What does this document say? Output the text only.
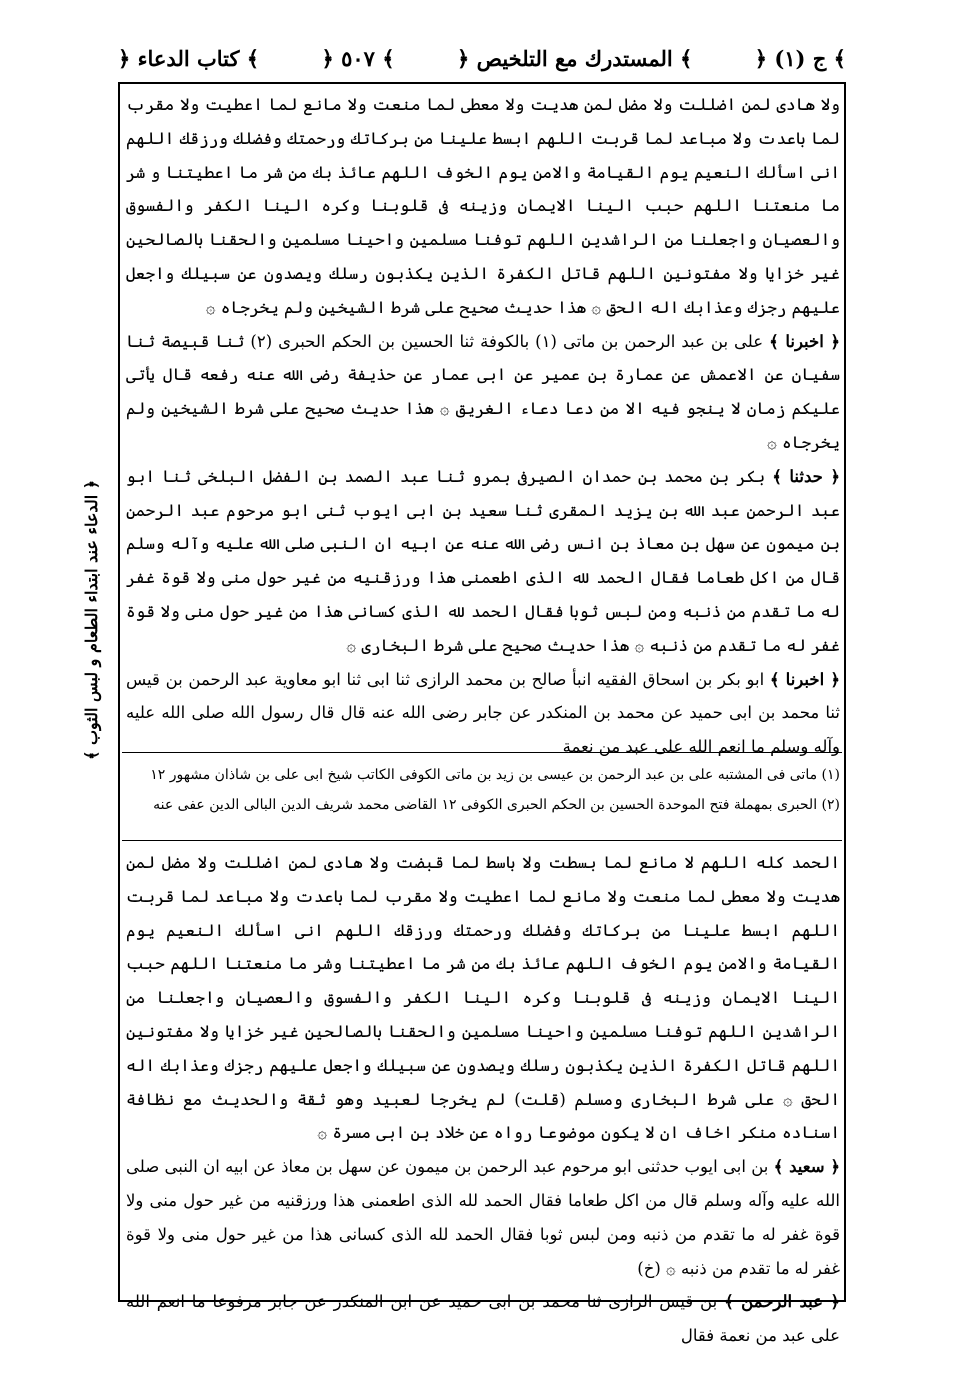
﴿ ج (١) ﴾
﴿ المستدرك مع التلخيص ﴾
﴿ ٥٠٧ ﴾
﴿ كتاب الدعاء ﴾
﴿ الدعاء عند ابتداء الطعام و لبس الثوب ﴾

ولا هادى لمن اضللت ولا مضل لمن هديت ولا معطى لما منعت ولا مانع لما اعطيت ولا مقرب لما باعدت ولا مباعد لما قربت اللهم ابسط علينا من بركاتك ورحمتك وفضلك ورزقك اللهم انى اسألك النعيم يوم القيامة والامن يوم الخوف اللهم عائذ بك من شر ما اعطيتنا و شر ما منعتنا اللهم حبب الينا الايمان وزينه فى قلوبنا وكره الينا الكفر والفسوق والعصيان واجعلنا من الراشدين اللهم توفنا مسلمين واحينا مسلمين والحقنا بالصالحين غير خزايا ولا مفتونين اللهم قاتل الكفرة الذين يكذبون رسلك ويصدون عن سبيلك واجعل عليهم رجزك وعذابك اله الحق ۞ هذا حديث صحيح على شرط الشيخين ولم يخرجاه ۞

﴿ اخبرنا ﴾ على بن عبد الرحمن بن ماتى (١) بالكوفة ثنا الحسين بن الحكم الحبرى (٢) ثنا قبيصة ثنا سفيان عن الاعمش عن عمارة بن عمير عن ابى عمار عن حذيفة رضى الله عنه رفعه قال يأتى عليكم زمان لا ينجو فيه الا من دعا دعاء الغريق ۞ هذا حديث صحيح على شرط الشيخين ولم يخرجاه ۞

﴿ حدثنا ﴾ بكر بن محمد بن حمدان الصيرفى بمرو ثنا عبد الصمد بن الفضل البلخى ثنا ابو عبد الرحمن عبد الله بن يزيد المقرى ثنا سعيد بن ابى ايوب ثنى ابو مرحوم عبد الرحمن بن ميمون عن سهل بن معاذ بن انس رضى الله عنه عن ابيه ان النبى صلى الله عليه وآله وسلم قال من اكل طعاما فقال الحمد لله الذى اطعمنى هذا ورزقنيه من غير حول منى ولا قوة غفر له ما تقدم من ذنبه ومن لبس ثوبا فقال الحمد لله الذى كسانى هذا من غير حول منى ولا قوة غفر له ما تقدم من ذنبه ۞ هذا حديث صحيح على شرط البخارى ۞

﴿ اخبرنا ﴾ ابو بكر بن اسحاق الفقيه انبأ صالح بن محمد الرازى ثنا ابى ثنا ابو معاوية عبد الرحمن بن قيس ثنا محمد بن ابى حميد عن محمد بن المنكدر عن جابر رضى الله عنه قال قال رسول الله صلى الله عليه وآله وسلم ما انعم الله على عبد من نعمة

(١) ماتى فى المشتبه على بن عبد الرحمن بن عيسى بن زيد بن ماتى الكوفى الكاتب شيخ ابى على بن شاذان مشهور ١٢
(٢) الحبرى بمهملة فتح الموحدة الحسين بن الحكم الحبرى الكوفى ١٢ القاضى محمد شريف الدين البالى الدين عفى عنه

الحمد كله اللهم لا مانع لما بسطت ولا باسط لما قبضت ولا هادى لمن اضللت ولا مضل لمن هديت ولا معطى لما منعت ولا مانع لما اعطيت ولا مقرب لما باعدت ولا مباعد لما قربت اللهم ابسط علينا من بركاتك وفضلك ورحمتك ورزقك اللهم انى اسألك النعيم يوم القيامة والامن يوم الخوف اللهم عائذ بك من شر ما اعطيتنا وشر ما منعتنا اللهم حبب الينا الايمان وزينه فى قلوبنا وكره الينا الكفر والفسوق والعصيان واجعلنا من الراشدين اللهم توفنا مسلمين واحينا مسلمين والحقنا بالصالحين غير خزايا ولا مفتونين اللهم قاتل الكفرة الذين يكذبون رسلك ويصدون عن سبيلك واجعل عليهم رجزك وعذابك اله الحق ۞ على شرط البخارى ومسلم (قلت) لم يخرجا لعبيد وهو ثقة والحديث مع نظافة اسناده منكر اخاف ان لا يكون موضوعا رواه عن خلاد بن ابى مسرة ۞

﴿ سعيد ﴾ بن ابى ايوب حدثنى ابو مرحوم عبد الرحمن بن ميمون عن سهل بن معاذ عن ابيه ان النبى صلى الله عليه وآله وسلم قال من اكل طعاما فقال الحمد لله الذى اطعمنى هذا ورزقنيه من غير حول منى ولا قوة غفر له ما تقدم من ذنبه ومن لبس ثوبا فقال الحمد لله الذى كسانى هذا من غير حول منى ولا قوة غفر له ما تقدم من ذنبه ۞ (خ)

﴿ عبد الرحمن ﴾ بن قيس الرازى ثنا محمد بن ابى حميد عن ابن المنكدر عن جابر مرفوعا ما انعم الله على عبد من نعمة فقال
